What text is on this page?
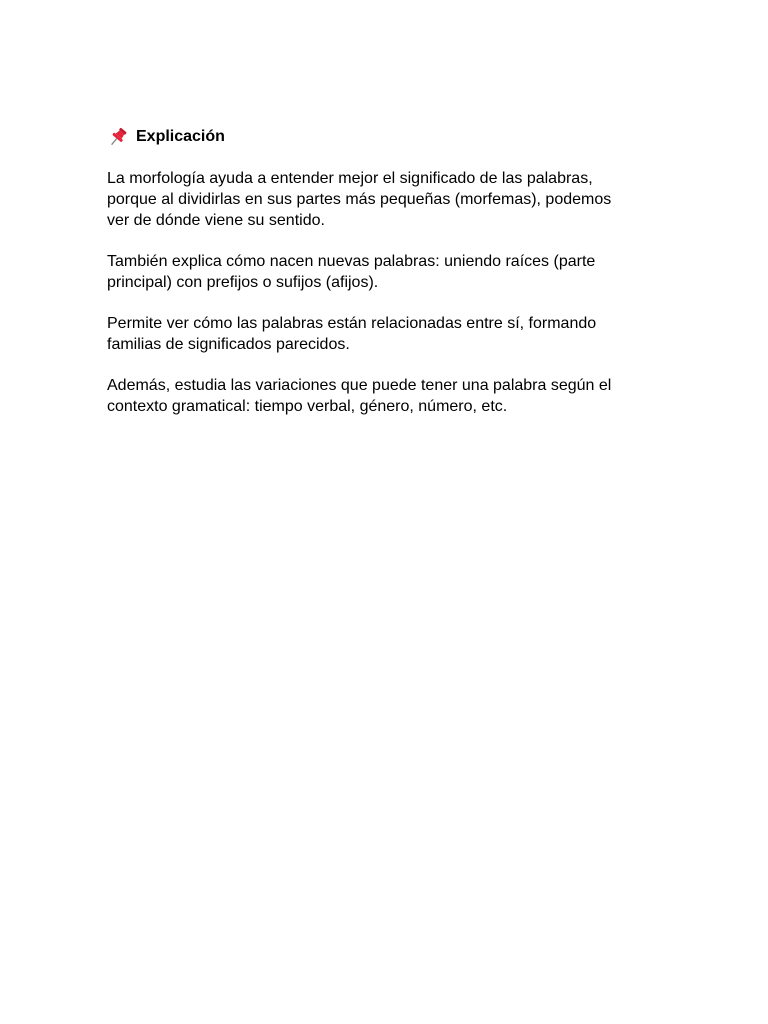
Explicación

La morfología ayuda a entender mejor el significado de las palabras,
porque al dividirlas en sus partes más pequeñas (morfemas), podemos
ver de dónde viene su sentido.

También explica cómo nacen nuevas palabras: uniendo raíces (parte
principal) con prefijos o sufijos (afijos).

Permite ver cómo las palabras están relacionadas entre sí, formando
familias de significados parecidos.

Además, estudia las variaciones que puede tener una palabra según el
contexto gramatical: tiempo verbal, género, número, etc.
